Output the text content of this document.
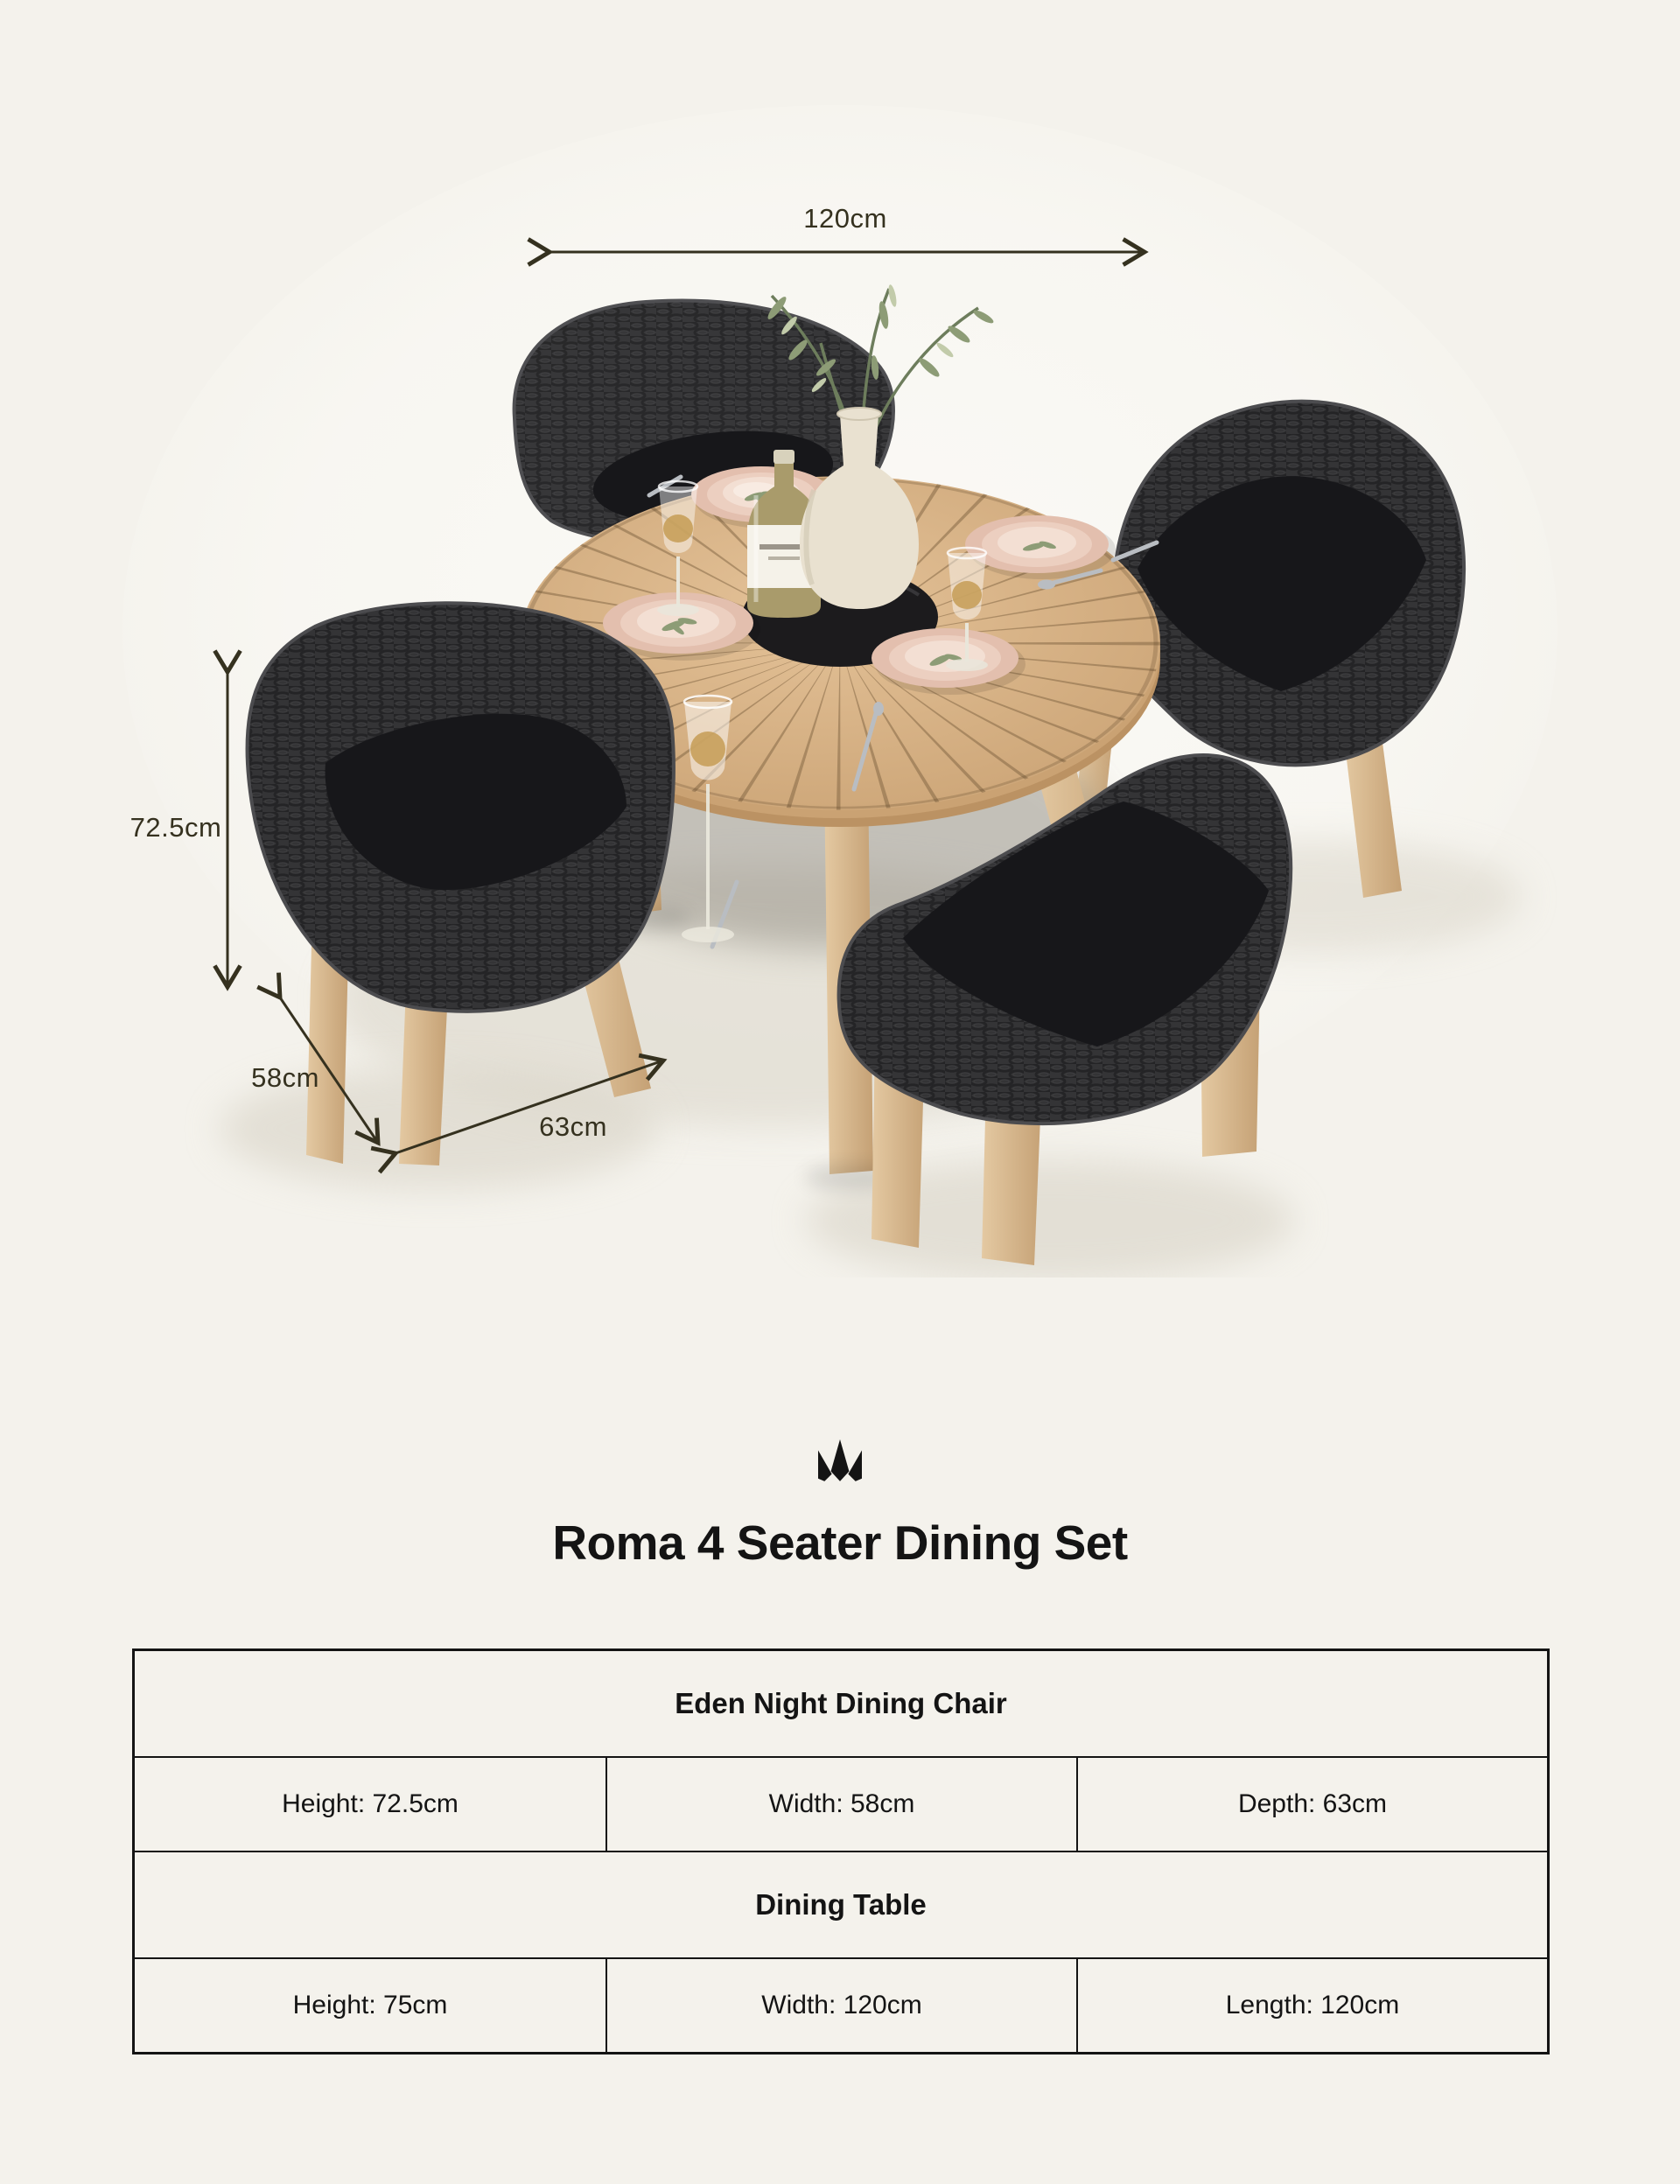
120cm
72.5cm
58cm
63cm
Roma 4 Seater Dining Set
Eden Night Dining Chair
Height: 72.5cm	Width: 58cm	Depth: 63cm
Dining Table
Height: 75cm	Width: 120cm	Length: 120cm
